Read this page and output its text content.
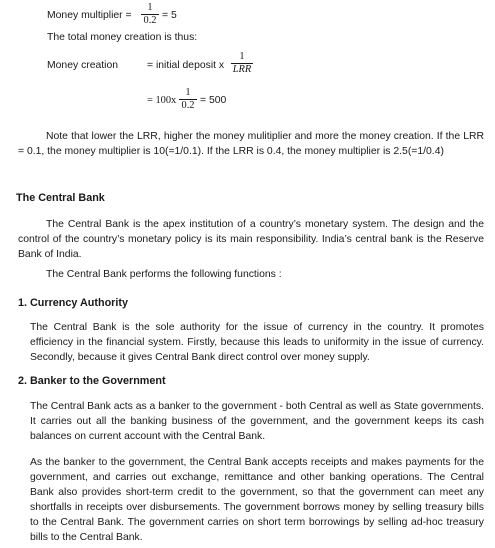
Money multiplier =
1
0.2 = 5
The total money creation is thus:
Money creation	= initial deposit x
1
LRR
= 100x
1
0.2 = 500
Note that lower the LRR, higher the money mulitiplier and more the money creation. If the LRR = 0.1, the money multiplier is 10(=1/0.1). If the LRR is 0.4, the money multiplier is 2.5(=1/0.4)
The Central Bank
The Central Bank is the apex institution of a country’s monetary system. The design and the control of the country’s monetary policy is its main responsibility. India’s central bank is the Reserve Bank of India.
The Central Bank performs the following functions :
1. Currency Authority
The Central Bank is the sole authority for the issue of currency in the country. It promotes efficiency in the financial system. Firstly, because this leads to uniformity in the issue of currency. Secondly, because it gives Central Bank direct control over money supply.
2. Banker to the Government
The Central Bank acts as a banker to the government - both Central as well as State governments. It carries out all the banking business of the government, and the government keeps its cash balances on current account with the Central Bank.
As the banker to the government, the Central Bank accepts receipts and makes payments for the government, and carries out exchange, remittance and other banking operations. The Central Bank also provides short-term credit to the government, so that the government can meet any shortfalls in receipts over disbursements. The government borrows money by selling treasury bills to the Central Bank. The government carries on short term borrowings by selling ad-hoc treasury bills to the Central Bank.
